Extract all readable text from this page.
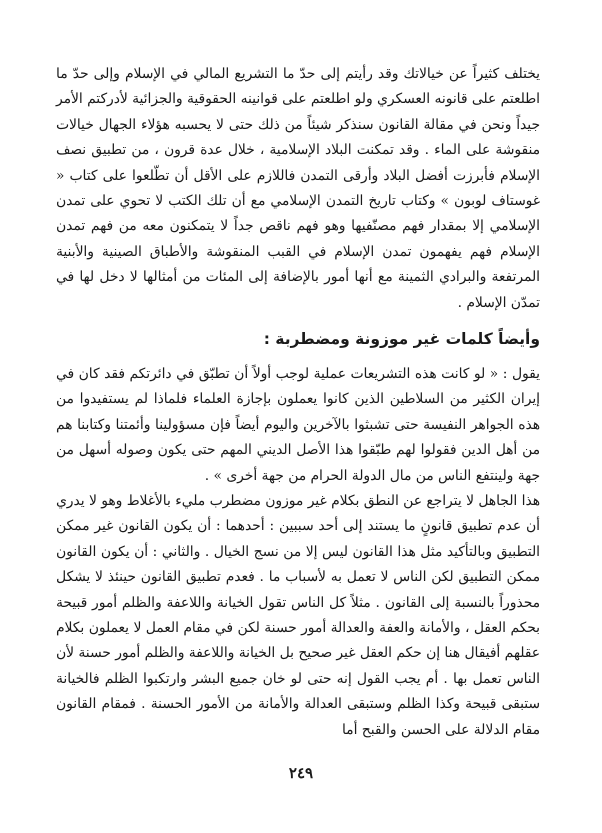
يختلف كثيراً عن خيالاتك وقد رأيتم إلى حدّ ما التشريع المالي في الإسلام وإلى حدّ ما اطلعتم على قانونه العسكري ولو اطلعتم على قوانينه الحقوقية والجزائية لأدركتم الأمر جيداً ونحن في مقالة القانون سنذكر شيئاً من ذلك حتى لا يحسبه هؤلاء الجهال خيالات منقوشة على الماء . وقد تمكنت البلاد الإسلامية ، خلال عدة قرون ، من تطبيق نصف الإسلام فأبرزت أفضل البلاد وأرقى التمدن فاللازم على الأقل أن تطّلعوا على كتاب « غوستاف لوبون » وكتاب تاريخ التمدن الإسلامي مع أن تلك الكتب لا تحوي على تمدن الإسلامي إلا بمقدار فهم مصنّفيها وهو فهم ناقص جداً لا يتمكنون معه من فهم تمدن الإسلام فهم يفهمون تمدن الإسلام في القبب المنقوشة والأطباق الصينية والأبنية المرتفعة والبرادي الثمينة مع أنها أمور بالإضافة إلى المئات من أمثالها لا دخل لها في تمدّن الإسلام .

وأيضاً كلمات غير موزونة ومضطربة :

يقول : « لو كانت هذه التشريعات عملية لوجب أولاً أن تطبّق في دائرتكم فقد كان في إيران الكثير من السلاطين الذين كانوا يعملون بإجازة العلماء فلماذا لم يستفيدوا من هذه الجواهر النفيسة حتى تشبثوا بالآخرين واليوم أيضاً فإن مسؤولينا وأئمتنا وكتابنا هم من أهل الدين فقولوا لهم طبّقوا هذا الأصل الديني المهم حتى يكون وصوله أسهل من جهة ولينتفع الناس من مال الدولة الحرام من جهة أخرى » .

هذا الجاهل لا يتراجع عن النطق بكلام غير موزون مضطرب مليء بالأغلاط وهو لا يدري أن عدم تطبيق قانونٍ ما يستند إلى أحد سببين : أحدهما : أن يكون القانون غير ممكن التطبيق وبالتأكيد مثل هذا القانون ليس إلا من نسج الخيال . والثاني : أن يكون القانون ممكن التطبيق لكن الناس لا تعمل به لأسباب ما . فعدم تطبيق القانون حينئذ لا يشكل محذوراً بالنسبة إلى القانون . مثلاً كل الناس تقول الخيانة واللاعفة والظلم أمور قبيحة بحكم العقل ، والأمانة والعفة والعدالة أمور حسنة لكن في مقام العمل لا يعملون بكلام عقلهم أفيقال هنا إن حكم العقل غير صحيح بل الخيانة واللاعفة والظلم أمور حسنة لأن الناس تعمل بها . أم يجب القول إنه حتى لو خان جميع البشر وارتكبوا الظلم فالخيانة ستبقى قبيحة وكذا الظلم وستبقى العدالة والأمانة من الأمور الحسنة . فمقام القانون مقام الدلالة على الحسن والقبح أما

٢٤٩
